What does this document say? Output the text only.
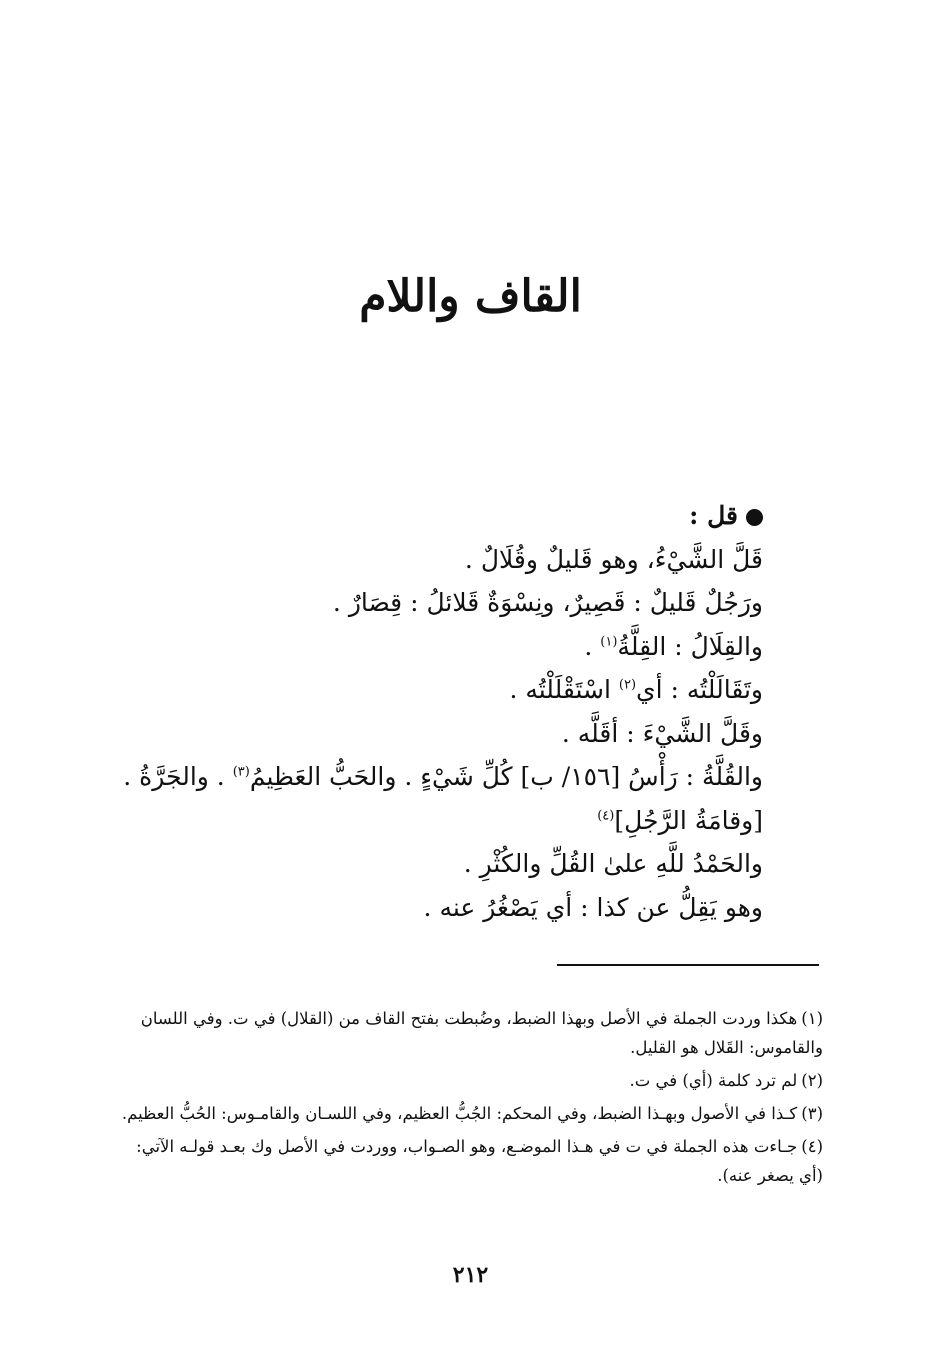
القاف واللام
قل :
قَلَّ الشَّيْءُ، وهو قَليلٌ وقُلَالٌ .
ورَجُلٌ قَليلٌ : قَصِيرٌ، ونِسْوَةٌ قَلائلُ : قِصَارٌ .
والقِلَالُ : القِلَّةُ$^{(١)}$ .
وتَقَالَلْتُه : أي$^{(٢)}$ اسْتَقْلَلْتُه .
وقَلَّ الشَّيْءَ : أقَلَّه .
والقُلَّةُ : رَأْسُ [١٥٦/ ب] كُلِّ شَيْءٍ . والحَبُّ العَظِيمُ$^{(٣)}$ . والجَرَّةُ . [وقامَةُ الرَّجُلِ]$^{(٤)}$
والحَمْدُ للَّهِ علىٰ القُلِّ والكُثْرِ .
وهو يَقِلُّ عن كذا : أي يَصْغُرُ عنه .
(١)هكذا وردت الجملة في الأصل وبهذا الضبط، وضُبطت بفتح القاف من (القلال) في ت. وفي اللسان والقاموس: القَلال هو القليل.
(٢)لم ترد كلمة (أي) في ت.
(٣)كـذا في الأصول وبهـذا الضبط، وفي المحكم: الجُبُّ العظيم، وفي اللسـان والقامـوس: الحُبُّ العظيم.
(٤)جـاءت هذه الجملة في ت في هـذا الموضـع، وهو الصـواب، ووردت في الأصل وك بعـد قولـه الآتي: (أي يصغر عنه).
٢١٢
